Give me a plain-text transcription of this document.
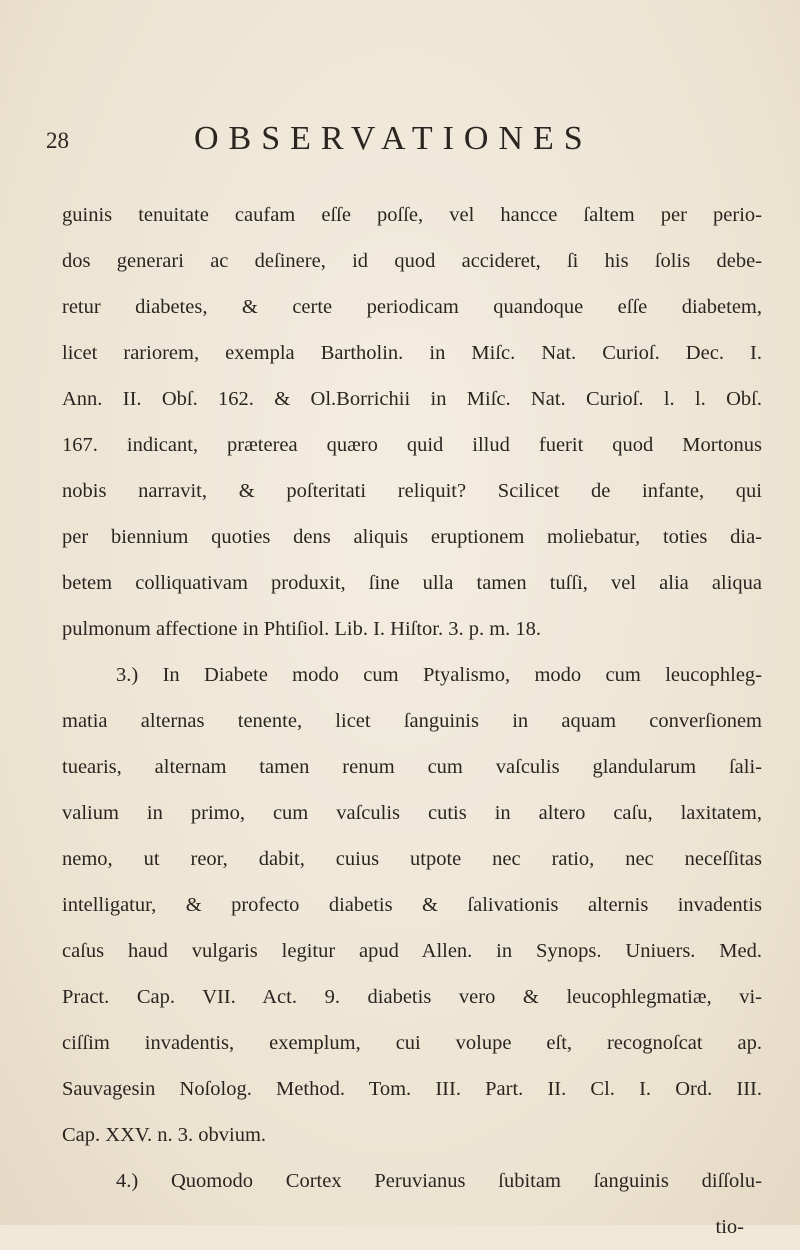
28	OBSERVATIONES
guinis tenuitate caufam eſſe poſſe, vel hancce ſaltem per perio-
dos generari ac deſinere, id quod accideret, ſi his ſolis debe-
retur diabetes, & certe periodicam quandoque eſſe diabetem,
licet rariorem, exempla Bartholin. in Miſc. Nat. Curioſ. Dec. I.
Ann. II. Obſ. 162. & Ol.Borrichii in Miſc. Nat. Curioſ. l. l. Obſ.
167. indicant, præterea quæro quid illud fuerit quod Mortonus
nobis narravit, & poſteritati reliquit? Scilicet de infante, qui
per biennium quoties dens aliquis eruptionem moliebatur, toties dia-
betem colliquativam produxit, ſine ulla tamen tuſſi, vel alia aliqua
pulmonum affectione in Phtiſiol. Lib. I. Hiſtor. 3. p. m. 18.
3.) In Diabete modo cum Ptyalismo, modo cum leucophleg-
matia alternas tenente, licet ſanguinis in aquam converſionem
tuearis, alternam tamen renum cum vaſculis glandularum ſali-
valium in primo, cum vaſculis cutis in altero caſu, laxitatem,
nemo, ut reor, dabit, cuius utpote nec ratio, nec neceſſitas
intelligatur, & profecto diabetis & ſalivationis alternis invadentis
caſus haud vulgaris legitur apud Allen. in Synops. Uniuers. Med.
Pract. Cap. VII. Act. 9. diabetis vero & leucophlegmatiæ, vi-
ciſſim invadentis, exemplum, cui volupe eſt, recognoſcat ap.
Sauvagesin Noſolog. Method. Tom. III. Part. II. Cl. I. Ord. III.
Cap. XXV. n. 3. obvium.
4.) Quomodo Cortex Peruvianus ſubitam ſanguinis diſſolu-
tio-
